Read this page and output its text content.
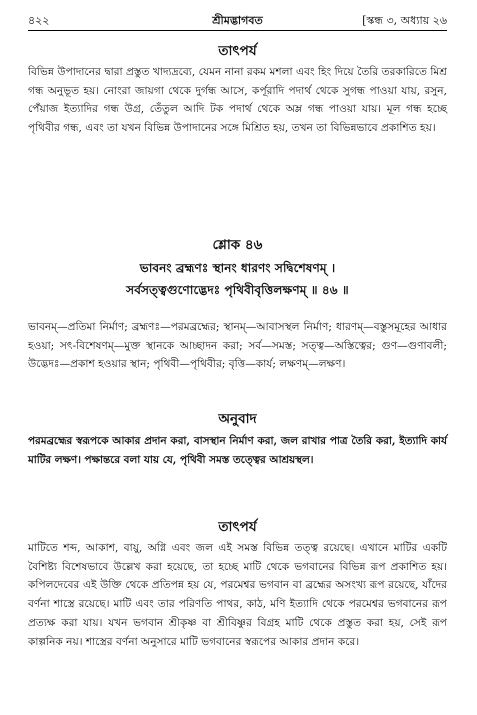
৪২২	শ্রীমদ্ভাগবত	[স্কন্ধ ৩, অধ্যায় ২৬
তাৎপর্য

বিভিন্ন উপাদানের দ্বারা প্রস্তুত খাদ্যদ্রব্যে, যেমন নানা রকম মশলা এবং হিং দিয়ে তৈরি তরকারিতে মিশ্র গন্ধ অনুভূত হয়। নোংরা জায়গা থেকে দুর্গন্ধ আসে, কর্পূরাদি পদার্থ থেকে সুগন্ধ পাওয়া যায়, রসুন, পেঁয়াজ ইত্যাদির গন্ধ উগ্র, তেঁতুল আদি টক পদার্থ থেকে অম্ল গন্ধ পাওয়া যায়। মূল গন্ধ হচ্ছে পৃথিবীর গন্ধ, এবং তা যখন বিভিন্ন উপাদানের সঙ্গে মিশ্রিত হয়, তখন তা বিভিন্নভাবে প্রকাশিত হয়।

শ্লোক ৪৬
ভাবনং ব্রহ্মণঃ স্থানং ধারণং সদ্বিশেষণম্ ।
সর্বসত্ত্বগুণোদ্ভেদঃ পৃথিবীবৃত্তিলক্ষণম্ ॥ ৪৬ ॥

ভাবনম্—প্রতিমা নির্মাণ; ব্রহ্মণঃ—পরমব্রহ্মের; স্থানম্—আবাসস্থল নির্মাণ; ধারণম্—বস্তুসমূহের আধার হওয়া; সৎ-বিশেষণম্—মুক্ত স্থানকে আচ্ছাদন করা; সর্ব—সমস্ত; সত্ত্ব—অস্তিত্বের; গুণ—গুণাবলী; উদ্ভেদঃ—প্রকাশ হওয়ার স্থান; পৃথিবী—পৃথিবীর; বৃত্তি—কার্য; লক্ষণম্—লক্ষণ।

অনুবাদ

পরমব্রহ্মের স্বরূপকে আকার প্রদান করা, বাসস্থান নির্মাণ করা, জল রাখার পাত্র তৈরি করা, ইত্যাদি কার্য মাটির লক্ষণ। পক্ষান্তরে বলা যায় যে, পৃথিবী সমস্ত তত্ত্বের আশ্রয়স্থল।

তাৎপর্য

মাটিতে শব্দ, আকাশ, বায়ু, অগ্নি এবং জল এই সমস্ত বিভিন্ন তত্ত্ব রয়েছে। এখানে মাটির একটি বৈশিষ্ট্য বিশেষভাবে উল্লেখ করা হয়েছে, তা হচ্ছে মাটি থেকে ভগবানের বিভিন্ন রূপ প্রকাশিত হয়। কপিলদেবের এই উক্তি থেকে প্রতিপন্ন হয় যে, পরমেশ্বর ভগবান বা ব্রহ্মের অসংখ্য রূপ রয়েছে, যাঁদের বর্ণনা শাস্ত্রে রয়েছে। মাটি এবং তার পরিণতি পাথর, কাঠ, মণি ইত্যাদি থেকে পরমেশ্বর ভগবানের রূপ প্রত্যক্ষ করা যায়। যখন ভগবান শ্রীকৃষ্ণ বা শ্রীবিষ্ণুর বিগ্রহ মাটি থেকে প্রস্তুত করা হয়, সেই রূপ কাল্পনিক নয়। শাস্ত্রের বর্ণনা অনুসারে মাটি ভগবানের স্বরূপের আকার প্রদান করে।
